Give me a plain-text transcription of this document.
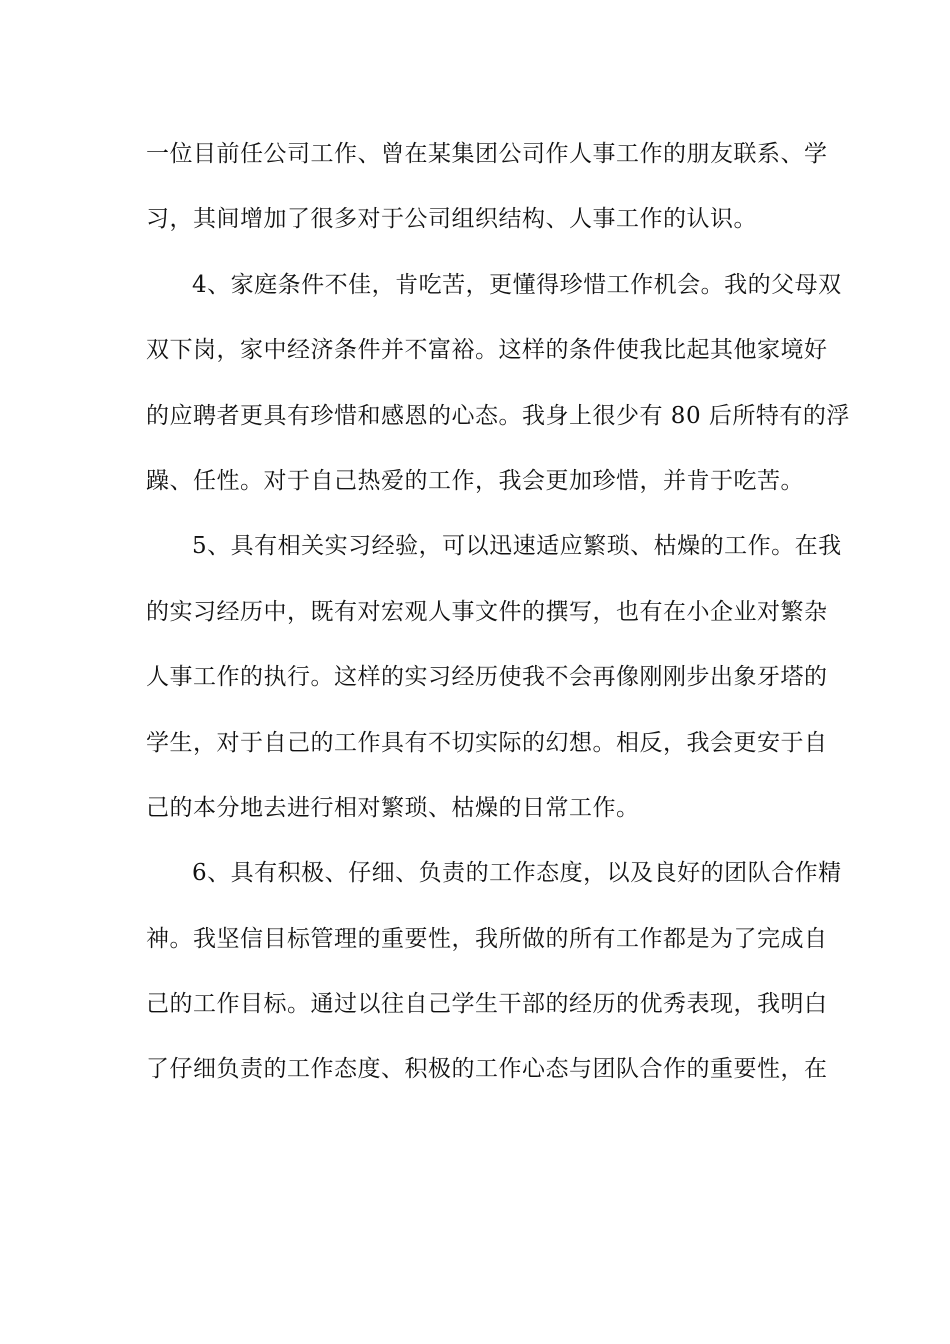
一位目前任公司工作、曾在某集团公司作人事工作的朋友联系、学
习，其间增加了很多对于公司组织结构、人事工作的认识。
4、家庭条件不佳，肯吃苦，更懂得珍惜工作机会。我的父母双
双下岗，家中经济条件并不富裕。这样的条件使我比起其他家境好
的应聘者更具有珍惜和感恩的心态。我身上很少有 80 后所特有的浮
躁、任性。对于自己热爱的工作，我会更加珍惜，并肯于吃苦。
5、具有相关实习经验，可以迅速适应繁琐、枯燥的工作。在我
的实习经历中，既有对宏观人事文件的撰写，也有在小企业对繁杂
人事工作的执行。这样的实习经历使我不会再像刚刚步出象牙塔的
学生，对于自己的工作具有不切实际的幻想。相反，我会更安于自
己的本分地去进行相对繁琐、枯燥的日常工作。
6、具有积极、仔细、负责的工作态度，以及良好的团队合作精
神。我坚信目标管理的重要性，我所做的所有工作都是为了完成自
己的工作目标。通过以往自己学生干部的经历的优秀表现，我明白
了仔细负责的工作态度、积极的工作心态与团队合作的重要性，在
